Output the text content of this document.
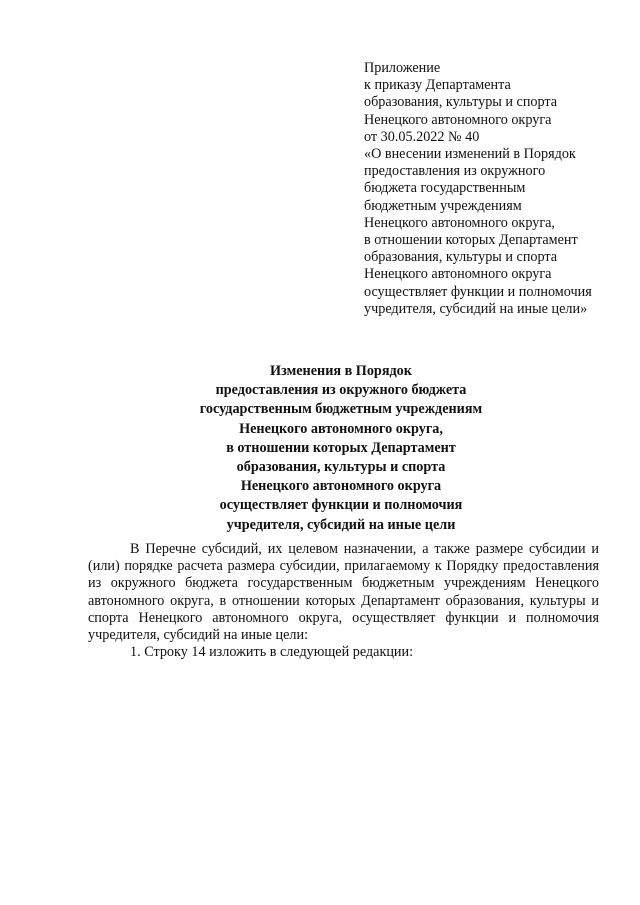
Приложение
к приказу Департамента
образования, культуры и спорта
Ненецкого автономного округа
от 30.05.2022 № 40
«О внесении изменений в Порядок
предоставления из окружного
бюджета государственным
бюджетным учреждениям
Ненецкого автономного округа,
в отношении которых Департамент
образования, культуры и спорта
Ненецкого автономного округа
осуществляет функции и полномочия
учредителя, субсидий на иные цели»
Изменения в Порядок
предоставления из окружного бюджета
государственным бюджетным учреждениям
Ненецкого автономного округа,
в отношении которых Департамент
образования, культуры и спорта
Ненецкого автономного округа
осуществляет функции и полномочия
учредителя, субсидий на иные цели

В Перечне субсидий, их целевом назначении, а также размере субсидии и (или) порядке расчета размера субсидии, прилагаемому к Порядку предоставления из окружного бюджета государственным бюджетным учреждениям Ненецкого автономного округа, в отношении которых Департамент образования, культуры и спорта Ненецкого автономного округа, осуществляет функции и полномочия учредителя, субсидий на иные цели:

1. Строку 14 изложить в следующей редакции:
